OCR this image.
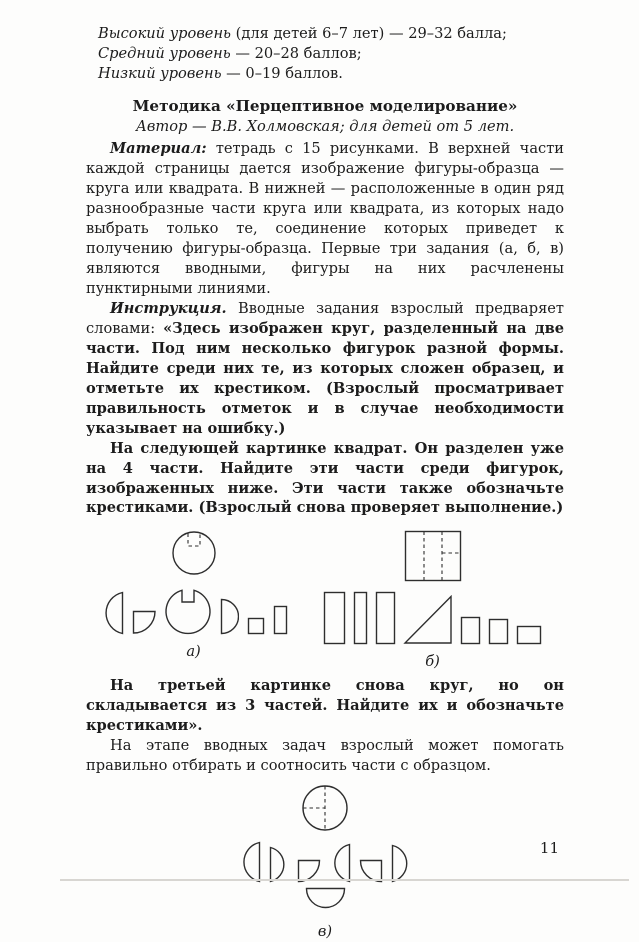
Высокий уровень (для детей 6–7 лет) — 29–32 балла;

Средний уровень — 20–28 баллов;

Низкий уровень — 0–19 баллов.

Методика «Перцептивное моделирование»
Автор — В.В. Холмовская; для детей от 5 лет.

Материал: тетрадь с 15 рисунками. В верхней части каждой страницы дается изображение фигуры-образца — круга или квадрата. В нижней — расположенные в один ряд разнообразные части круга или квадрата, из которых надо выбрать только те, соединение которых приведет к получению фигуры-образца. Первые три задания (а, б, в) являются вводными, фигуры на них расчленены пунктирными линиями.

Инструкция. Вводные задания взрослый предваряет словами: «Здесь изображен круг, разделенный на две части. Под ним несколько фигурок разной формы. Найдите среди них те, из которых сложен образец, и отметьте их крестиком. (Взрослый просматривает правильность отметок и в случае необходимости указывает на ошибку.)

На следующей картинке квадрат. Он разделен уже на 4 части. Найдите эти части среди фигурок, изображенных ниже. Эти части также обозначьте крестиками. (Взрослый снова проверяет выполнение.)

а)
б)

На третьей картинке снова круг, но он складывается из 3 частей. Найдите их и обозначьте крестиками».

На этапе вводных задач взрослый может помогать правильно отбирать и соотносить части с образцом.

в)
11
